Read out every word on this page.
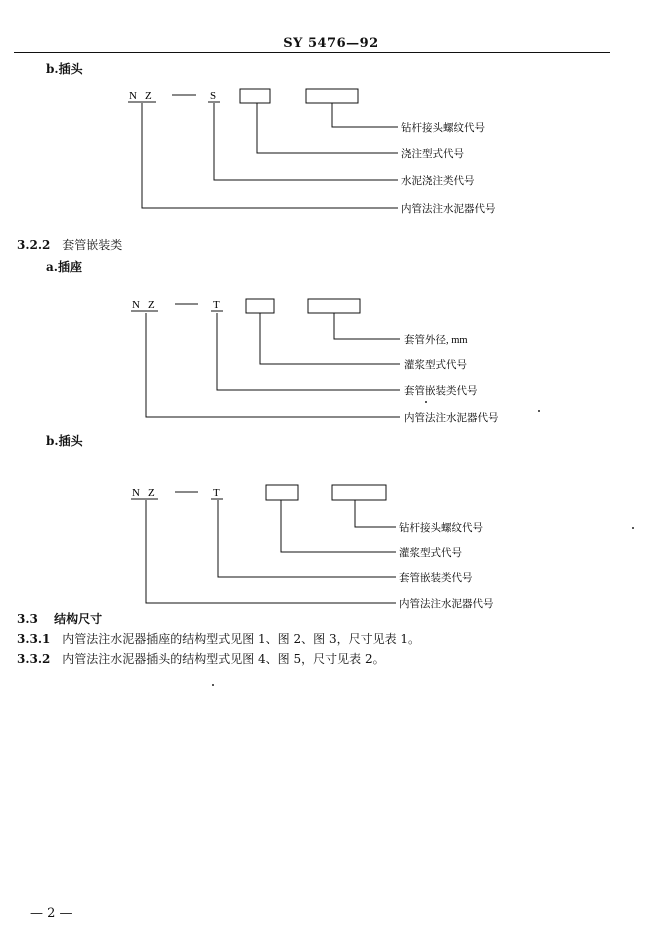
SY 5476—92
b.插头
N Z	S
钻杆接头螺纹代号
浇注型式代号
水泥浇注类代号
内管法注水泥器代号
3.2.2 套管嵌装类
a.插座
N Z	T
套管外径, mm
灌浆型式代号
套管嵌装类代号
内管法注水泥器代号
b.插头
N Z	T
钻杆接头螺纹代号
灌浆型式代号
套管嵌装类代号
内管法注水泥器代号
3.3 结构尺寸
3.3.1 内管法注水泥器插座的结构型式见图 1、图 2、图 3，尺寸见表 1。
3.3.2 内管法注水泥器插头的结构型式见图 4、图 5，尺寸见表 2。
— 2 —
